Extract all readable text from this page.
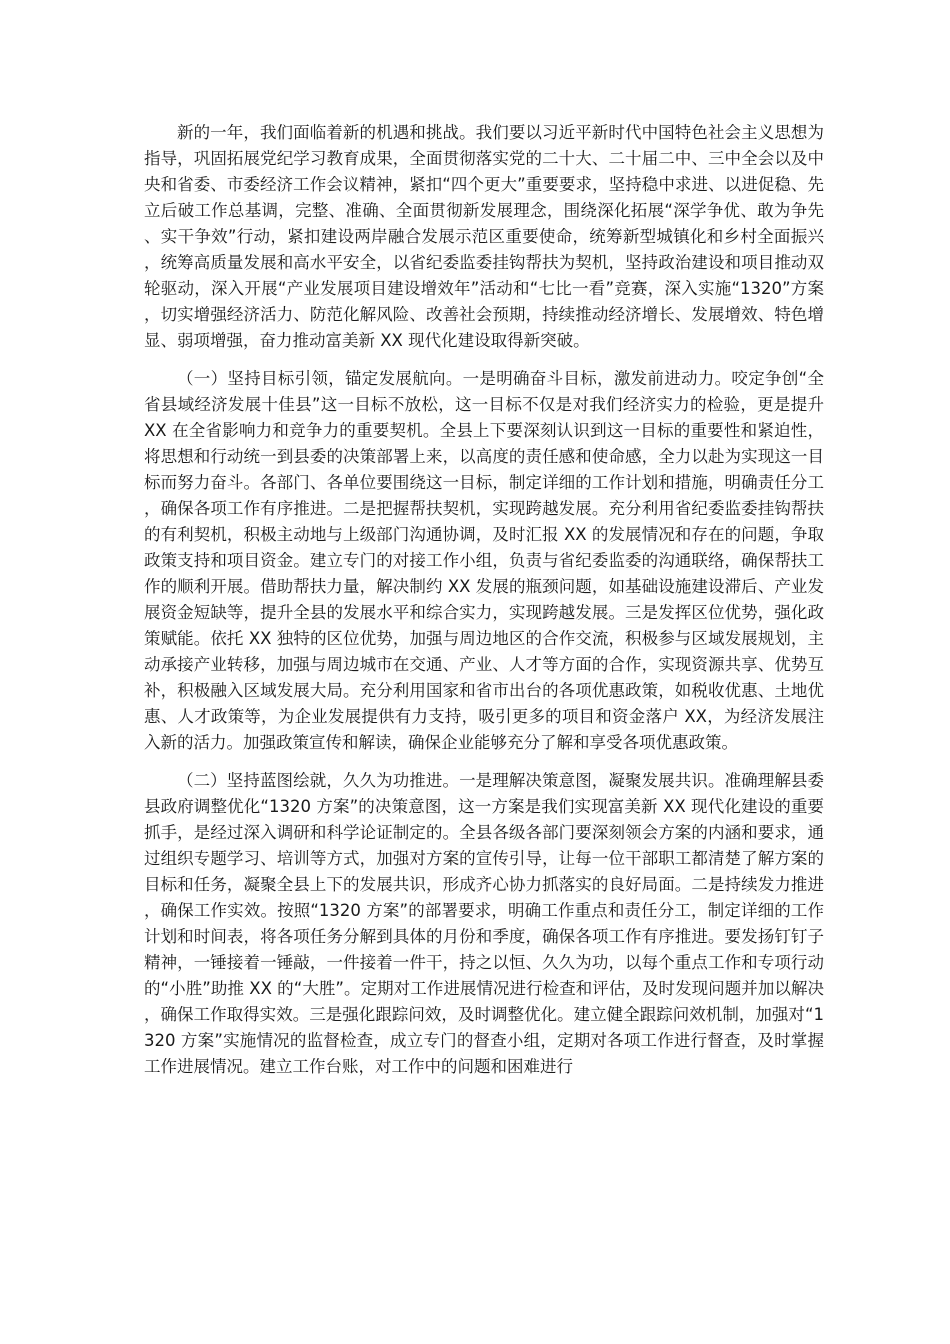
新的一年，我们面临着新的机遇和挑战。我们要以习近平新时代中国特色社会主义思想为指导，巩固拓展党纪学习教育成果，全面贯彻落实党的二十大、二十届二中、三中全会以及中央和省委、市委经济工作会议精神，紧扣“四个更大”重要要求，坚持稳中求进、以进促稳、先立后破工作总基调，完整、准确、全面贯彻新发展理念，围绕深化拓展“深学争优、敢为争先、实干争效”行动，紧扣建设两岸融合发展示范区重要使命，统筹新型城镇化和乡村全面振兴，统筹高质量发展和高水平安全，以省纪委监委挂钩帮扶为契机，坚持政治建设和项目推动双轮驱动，深入开展“产业发展项目建设增效年”活动和“七比一看”竞赛，深入实施“1320”方案，切实增强经济活力、防范化解风险、改善社会预期，持续推动经济增长、发展增效、特色增显、弱项增强，奋力推动富美新 XX 现代化建设取得新突破。

（一）坚持目标引领，锚定发展航向。一是明确奋斗目标，激发前进动力。咬定争创“全省县域经济发展十佳县”这一目标不放松，这一目标不仅是对我们经济实力的检验，更是提升 XX 在全省影响力和竞争力的重要契机。全县上下要深刻认识到这一目标的重要性和紧迫性，将思想和行动统一到县委的决策部署上来，以高度的责任感和使命感，全力以赴为实现这一目标而努力奋斗。各部门、各单位要围绕这一目标，制定详细的工作计划和措施，明确责任分工，确保各项工作有序推进。二是把握帮扶契机，实现跨越发展。充分利用省纪委监委挂钩帮扶的有利契机，积极主动地与上级部门沟通协调，及时汇报 XX 的发展情况和存在的问题，争取政策支持和项目资金。建立专门的对接工作小组，负责与省纪委监委的沟通联络，确保帮扶工作的顺利开展。借助帮扶力量，解决制约 XX 发展的瓶颈问题，如基础设施建设滞后、产业发展资金短缺等，提升全县的发展水平和综合实力，实现跨越发展。三是发挥区位优势，强化政策赋能。依托 XX 独特的区位优势，加强与周边地区的合作交流，积极参与区域发展规划，主动承接产业转移，加强与周边城市在交通、产业、人才等方面的合作，实现资源共享、优势互补，积极融入区域发展大局。充分利用国家和省市出台的各项优惠政策，如税收优惠、土地优惠、人才政策等，为企业发展提供有力支持，吸引更多的项目和资金落户 XX，为经济发展注入新的活力。加强政策宣传和解读，确保企业能够充分了解和享受各项优惠政策。

（二）坚持蓝图绘就，久久为功推进。一是理解决策意图，凝聚发展共识。准确理解县委县政府调整优化“1320 方案”的决策意图，这一方案是我们实现富美新 XX 现代化建设的重要抓手，是经过深入调研和科学论证制定的。全县各级各部门要深刻领会方案的内涵和要求，通过组织专题学习、培训等方式，加强对方案的宣传引导，让每一位干部职工都清楚了解方案的目标和任务，凝聚全县上下的发展共识，形成齐心协力抓落实的良好局面。二是持续发力推进，确保工作实效。按照“1320 方案”的部署要求，明确工作重点和责任分工，制定详细的工作计划和时间表，将各项任务分解到具体的月份和季度，确保各项工作有序推进。要发扬钉钉子精神，一锤接着一锤敲，一件接着一件干，持之以恒、久久为功，以每个重点工作和专项行动的“小胜”助推 XX 的“大胜”。定期对工作进展情况进行检查和评估，及时发现问题并加以解决，确保工作取得实效。三是强化跟踪问效，及时调整优化。建立健全跟踪问效机制，加强对“1320 方案”实施情况的监督检查，成立专门的督查小组，定期对各项工作进行督查，及时掌握工作进展情况。建立工作台账，对工作中的问题和困难进行
